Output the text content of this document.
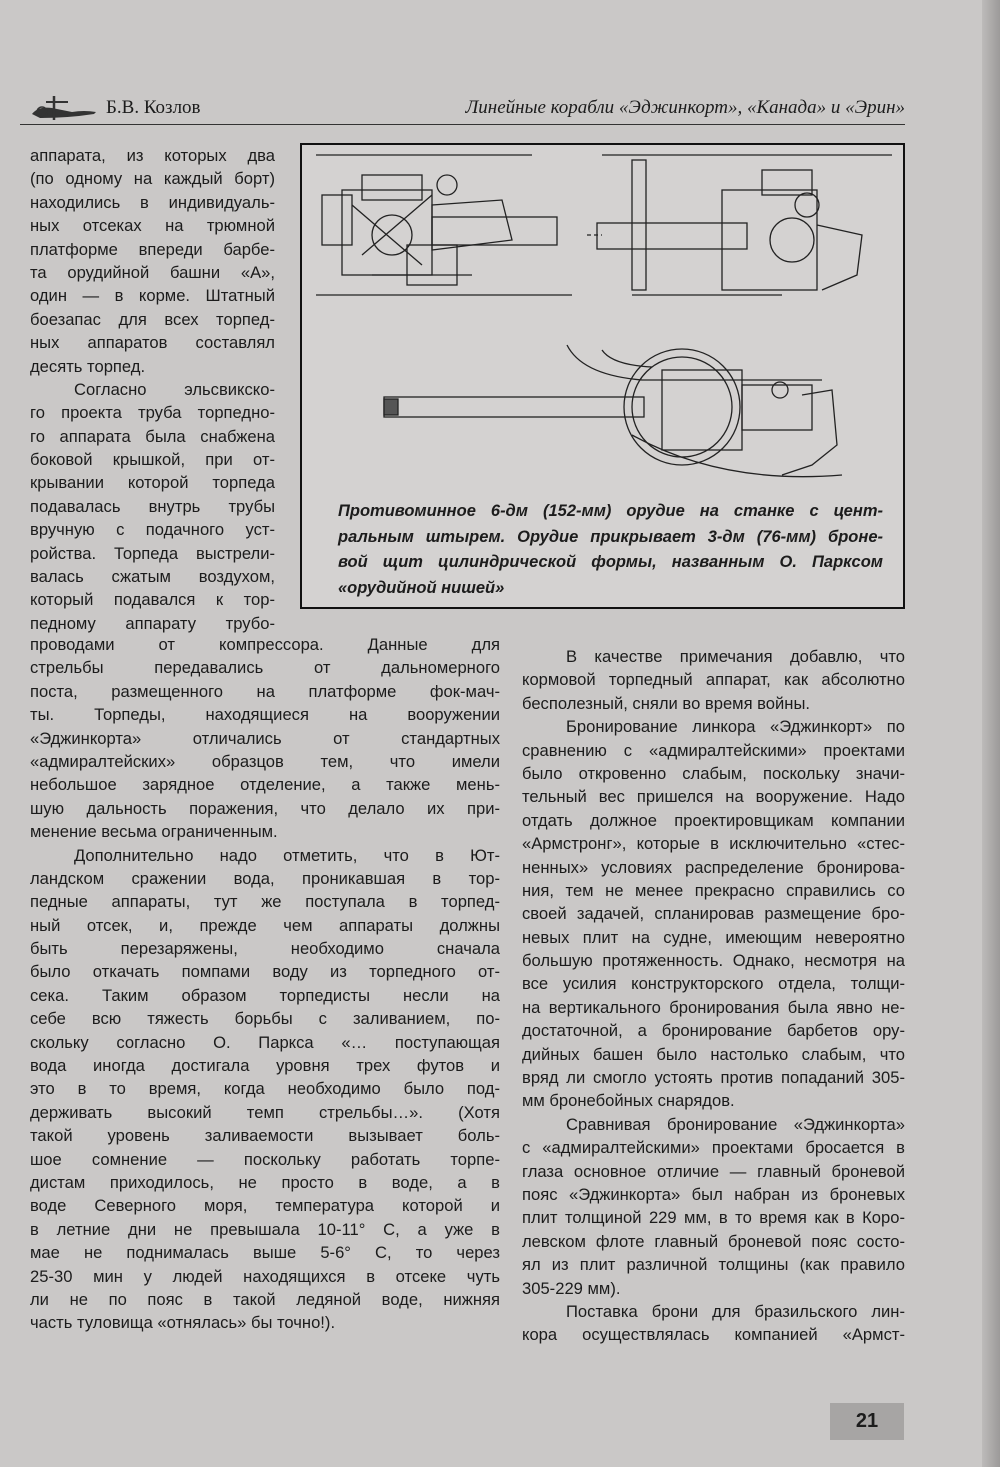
Б.В. Козлов	Линейные корабли «Эджинкорт», «Канада» и «Эрин»
аппарата, из которых два
(по одному на каждый борт)
находились в индивидуаль-
ных отсеках на трюмной
платформе впереди барбе-
та орудийной башни «А»,
один — в корме. Штатный
боезапас для всех торпед-
ных аппаратов составлял
десять торпед.
Согласно эльсвикско-
го проекта труба торпедно-
го аппарата была снабжена
боковой крышкой, при от-
крывании которой торпеда
подавалась внутрь трубы
вручную с подачного уст-
ройства. Торпеда выстрели-
валась сжатым воздухом,
который подавался к тор-
педному аппарату трубо-
проводами от компрессора. Данные для
стрельбы передавались от дальномерного
поста, размещенного на платформе фок-мач-
ты. Торпеды, находящиеся на вооружении
«Эджинкорта» отличались от стандартных
«адмиралтейских» образцов тем, что имели
небольшое зарядное отделение, а также мень-
шую дальность поражения, что делало их при-
менение весьма ограниченным.
Дополнительно надо отметить, что в Ют-
ландском сражении вода, проникавшая в тор-
педные аппараты, тут же поступала в торпед-
ный отсек, и, прежде чем аппараты должны
быть перезаряжены, необходимо сначала
было откачать помпами воду из торпедного от-
сека. Таким образом торпедисты несли на
себе всю тяжесть борьбы с заливанием, по-
скольку согласно О. Паркса «… поступающая
вода иногда достигала уровня трех футов и
это в то время, когда необходимо было под-
держивать высокий темп стрельбы…». (Хотя
такой уровень заливаемости вызывает боль-
шое сомнение — поскольку работать торпе-
дистам приходилось, не просто в воде, а в
воде Северного моря, температура которой и
в летние дни не превышала 10-11° С, а уже в
мае не поднималась выше 5-6° С, то через
25-30 мин у людей находящихся в отсеке чуть
ли не по пояс в такой ледяной воде, нижняя
часть туловища «отнялась» бы точно!).
В качестве примечания добавлю, что
кормовой торпедный аппарат, как абсолютно
бесполезный, сняли во время войны.
Бронирование линкора «Эджинкорт» по
сравнению с «адмиралтейскими» проектами
было откровенно слабым, поскольку значи-
тельный вес пришелся на вооружение. Надо
отдать должное проектировщикам компании
«Армстронг», которые в исключительно «стес-
ненных» условиях распределение бронирова-
ния, тем не менее прекрасно справились со
своей задачей, спланировав размещение бро-
невых плит на судне, имеющим невероятно
большую протяженность. Однако, несмотря на
все усилия конструкторского отдела, толщи-
на вертикального бронирования была явно не-
достаточной, а бронирование барбетов ору-
дийных башен было настолько слабым, что
вряд ли смогло устоять против попаданий 305-
мм бронебойных снарядов.
Сравнивая бронирование «Эджинкорта»
с «адмиралтейскими» проектами бросается в
глаза основное отличие — главный броневой
пояс «Эджинкорта» был набран из броневых
плит толщиной 229 мм, в то время как в Коро-
левском флоте главный броневой пояс состо-
ял из плит различной толщины (как правило
305-229 мм).
Поставка брони для бразильского лин-
кора осуществлялась компанией «Армст-
Противоминное 6-дм (152-мм) орудие на станке с цент-
ральным штырем. Орудие прикрывает 3-дм (76-мм) броне-
вой щит цилиндрической формы, названным О. Парксом
«орудийной нишей»
21
